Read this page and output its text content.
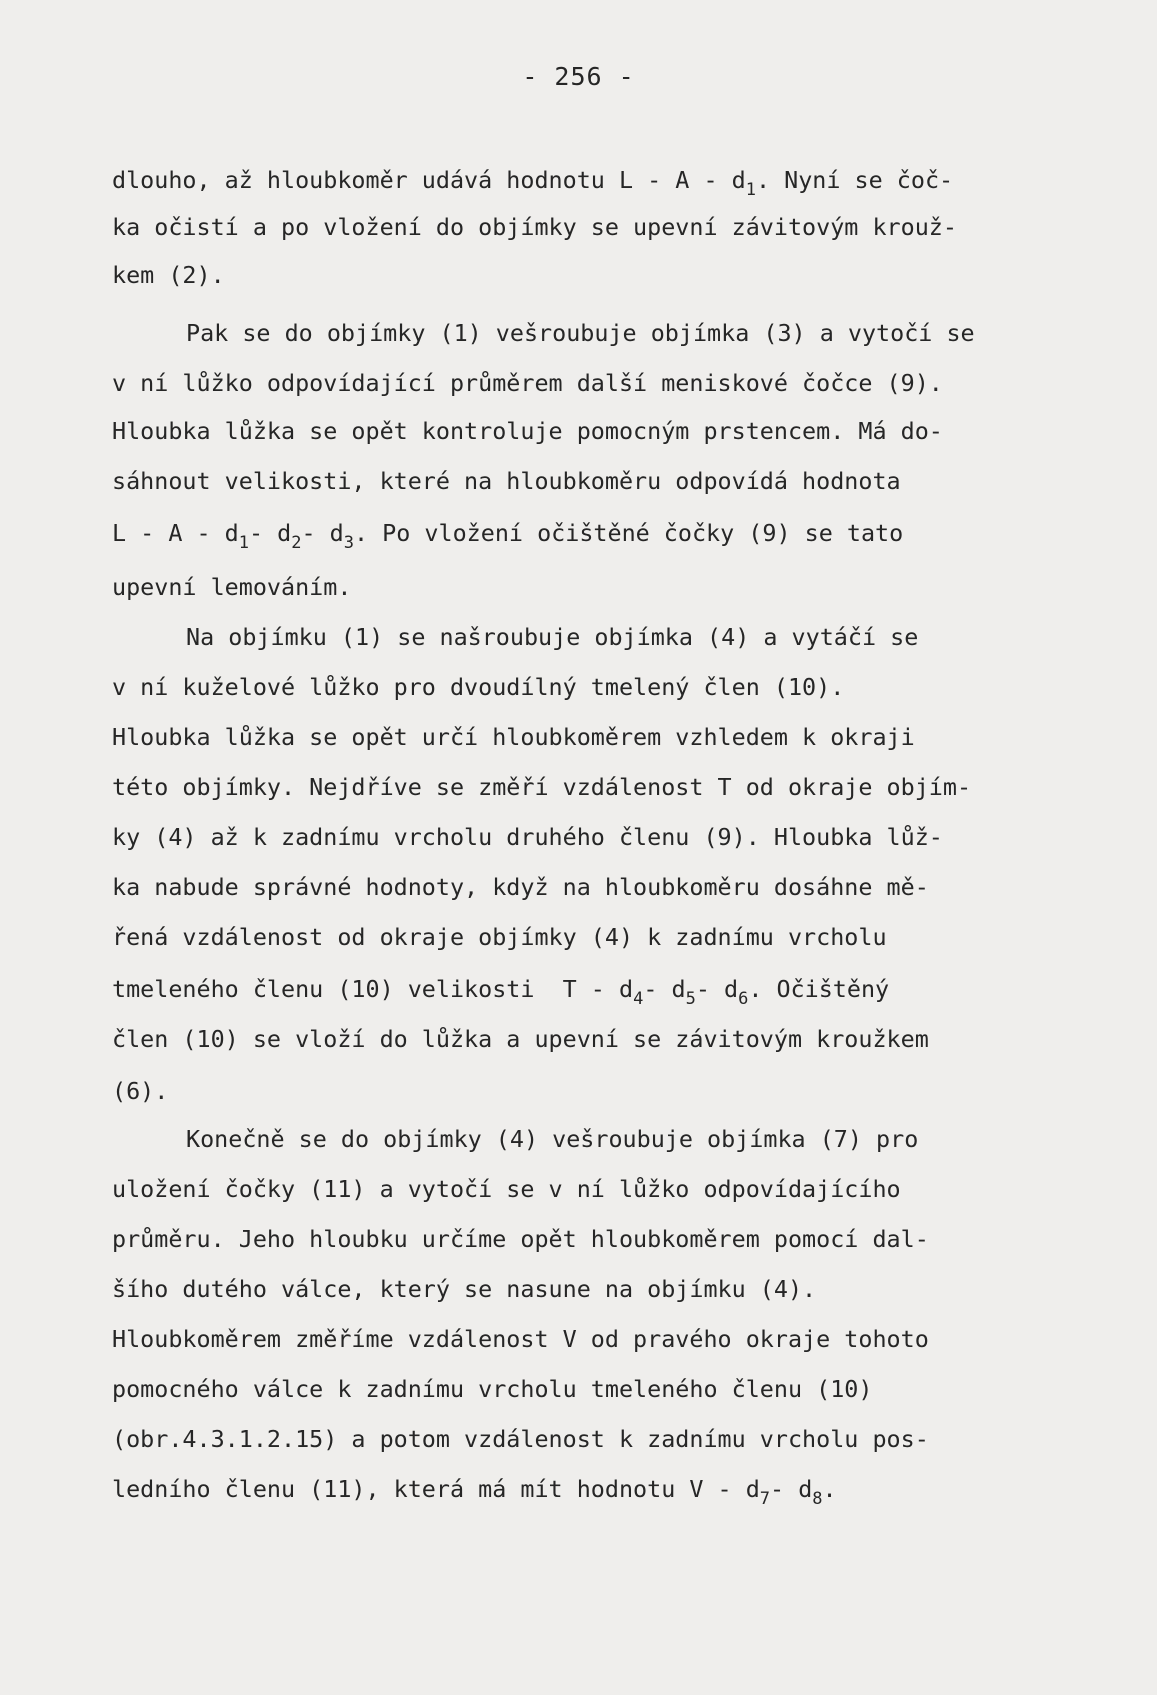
- 256 -
dlouho, až hloubkoměr udává hodnotu L - A - $d_1$. Nyní se čoč-
ka očistí a po vložení do objímky se upevní závitovým krouž-
kem (2).
Pak se do objímky (1) vešroubuje objímka (3) a vytočí se
v ní lůžko odpovídající průměrem další meniskové čočce (9).
Hloubka lůžka se opět kontroluje pomocným prstencem. Má do-
sáhnout velikosti, které na hloubkoměru odpovídá hodnota
L - A - $d_1-$ $d_2-$ $d_3$. Po vložení očištěné čočky (9) se tato
upevní lemováním.
Na objímku (1) se našroubuje objímka (4) a vytáčí se
v ní kuželové lůžko pro dvoudílný tmelený člen (10).
Hloubka lůžka se opět určí hloubkoměrem vzhledem k okraji
této objímky. Nejdříve se změří vzdálenost T od okraje objím-
ky (4) až k zadnímu vrcholu druhého členu (9). Hloubka lůž-
ka nabude správné hodnoty, když na hloubkoměru dosáhne mě-
řená vzdálenost od okraje objímky (4) k zadnímu vrcholu
tmeleného členu (10) velikosti  T - $d_4-$ $d_5-$ $d_6$. Očištěný
člen (10) se vloží do lůžka a upevní se závitovým kroužkem
(6).
Konečně se do objímky (4) vešroubuje objímka (7) pro
uložení čočky (11) a vytočí se v ní lůžko odpovídajícího
průměru. Jeho hloubku určíme opět hloubkoměrem pomocí dal-
šího dutého válce, který se nasune na objímku (4).
Hloubkoměrem změříme vzdálenost V od pravého okraje tohoto
pomocného válce k zadnímu vrcholu tmeleného členu (10)
(obr.4.3.1.2.15) a potom vzdálenost k zadnímu vrcholu pos-
ledního členu (11), která má mít hodnotu V - $d_7-$ $d_8$.
